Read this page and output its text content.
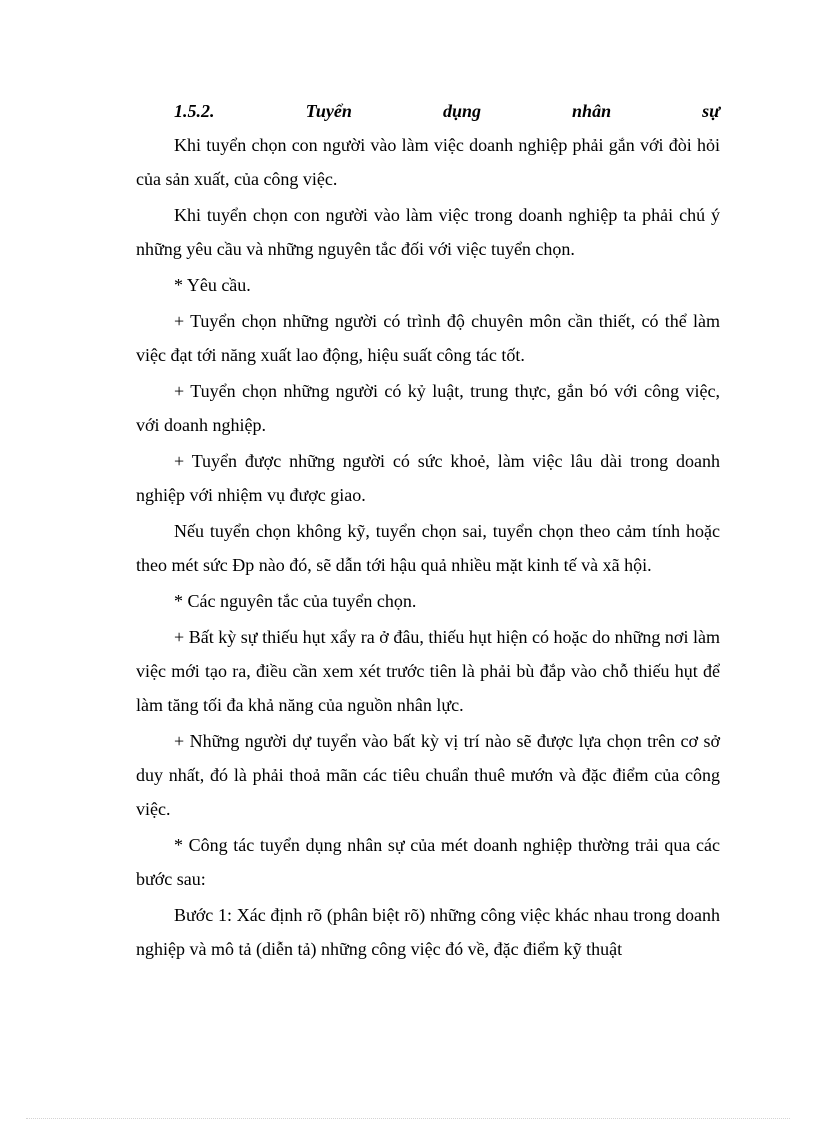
1.5.2.	Tuyển	dụng	nhân	sự

Khi tuyển chọn con người vào làm việc doanh nghiệp phải gắn với đòi hỏi của sản xuất, của công việc.

Khi tuyển chọn con người vào làm việc trong doanh nghiệp ta phải chú ý những yêu cầu và những nguyên tắc đối với việc tuyển chọn.

* Yêu cầu.

+ Tuyển chọn những người có trình độ chuyên môn cần thiết, có thể làm việc đạt tới năng xuất lao động, hiệu suất công tác tốt.

+ Tuyển chọn những người có kỷ luật, trung thực, gắn bó với công việc, với doanh nghiệp.

+ Tuyển được những người có sức khoẻ, làm việc lâu dài trong doanh nghiệp với nhiệm vụ được giao.

Nếu tuyển chọn không kỹ, tuyển chọn sai, tuyển chọn theo cảm tính hoặc theo mét sức Ðp nào đó, sẽ dẫn tới hậu quả nhiều mặt kinh tế và xã hội.

* Các nguyên tắc của tuyển chọn.

+ Bất kỳ sự thiếu hụt xẩy ra ở đâu, thiếu hụt hiện có hoặc do những nơi làm việc mới tạo ra, điều cần xem xét trước tiên là phải bù đắp vào chỗ thiếu hụt để làm tăng tối đa khả năng của nguồn nhân lực.

+ Những người dự tuyển vào bất kỳ vị trí nào sẽ được lựa chọn trên cơ sở duy nhất, đó là phải thoả mãn các tiêu chuẩn thuê mướn và đặc điểm của công việc.

* Công tác tuyển dụng nhân sự của mét doanh nghiệp thường trải qua các bước sau:

Bước 1: Xác định rõ (phân biệt rõ) những công việc khác nhau trong doanh nghiệp và mô tả (diễn tả) những công việc đó về, đặc điểm kỹ thuật
